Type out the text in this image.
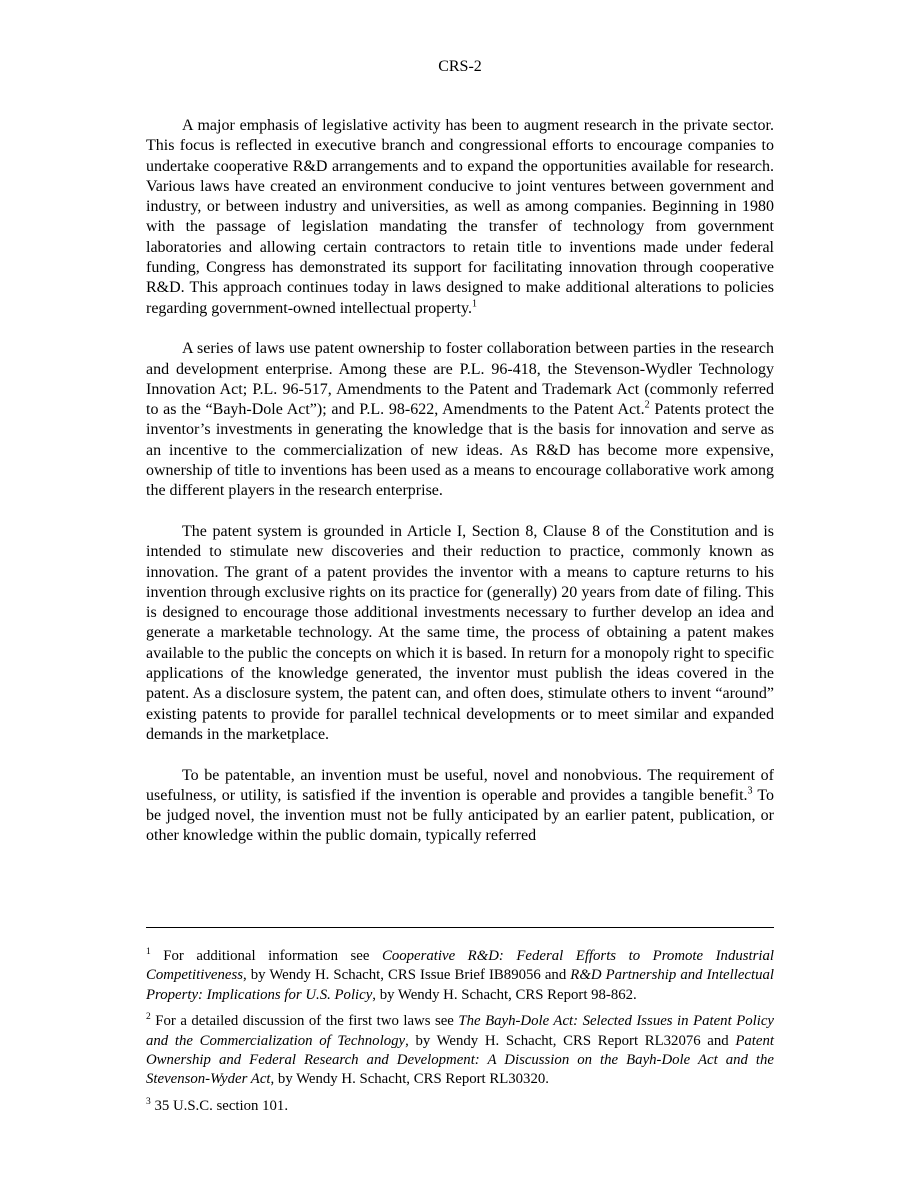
CRS-2

A major emphasis of legislative activity has been to augment research in the private sector. This focus is reflected in executive branch and congressional efforts to encourage companies to undertake cooperative R&D arrangements and to expand the opportunities available for research. Various laws have created an environment conducive to joint ventures between government and industry, or between industry and universities, as well as among companies. Beginning in 1980 with the passage of legislation mandating the transfer of technology from government laboratories and allowing certain contractors to retain title to inventions made under federal funding, Congress has demonstrated its support for facilitating innovation through cooperative R&D. This approach continues today in laws designed to make additional alterations to policies regarding government-owned intellectual property.$^1$

A series of laws use patent ownership to foster collaboration between parties in the research and development enterprise. Among these are P.L. 96-418, the Stevenson-Wydler Technology Innovation Act; P.L. 96-517, Amendments to the Patent and Trademark Act (commonly referred to as the “Bayh-Dole Act”); and P.L. 98-622, Amendments to the Patent Act.$^2$ Patents protect the inventor’s investments in generating the knowledge that is the basis for innovation and serve as an incentive to the commercialization of new ideas. As R&D has become more expensive, ownership of title to inventions has been used as a means to encourage collaborative work among the different players in the research enterprise.

The patent system is grounded in Article I, Section 8, Clause 8 of the Constitution and is intended to stimulate new discoveries and their reduction to practice, commonly known as innovation. The grant of a patent provides the inventor with a means to capture returns to his invention through exclusive rights on its practice for (generally) 20 years from date of filing. This is designed to encourage those additional investments necessary to further develop an idea and generate a marketable technology. At the same time, the process of obtaining a patent makes available to the public the concepts on which it is based. In return for a monopoly right to specific applications of the knowledge generated, the inventor must publish the ideas covered in the patent. As a disclosure system, the patent can, and often does, stimulate others to invent “around” existing patents to provide for parallel technical developments or to meet similar and expanded demands in the marketplace.

To be patentable, an invention must be useful, novel and nonobvious. The requirement of usefulness, or utility, is satisfied if the invention is operable and provides a tangible benefit.$^3$ To be judged novel, the invention must not be fully anticipated by an earlier patent, publication, or other knowledge within the public domain, typically referred

$^1$ For additional information see Cooperative R&D: Federal Efforts to Promote Industrial Competitiveness, by Wendy H. Schacht, CRS Issue Brief IB89056 and R&D Partnership and Intellectual Property: Implications for U.S. Policy, by Wendy H. Schacht, CRS Report 98-862.
$^2$ For a detailed discussion of the first two laws see The Bayh-Dole Act: Selected Issues in Patent Policy and the Commercialization of Technology, by Wendy H. Schacht, CRS Report RL32076 and Patent Ownership and Federal Research and Development: A Discussion on the Bayh-Dole Act and the Stevenson-Wyder Act, by Wendy H. Schacht, CRS Report RL30320.
$^3$ 35 U.S.C. section 101.
